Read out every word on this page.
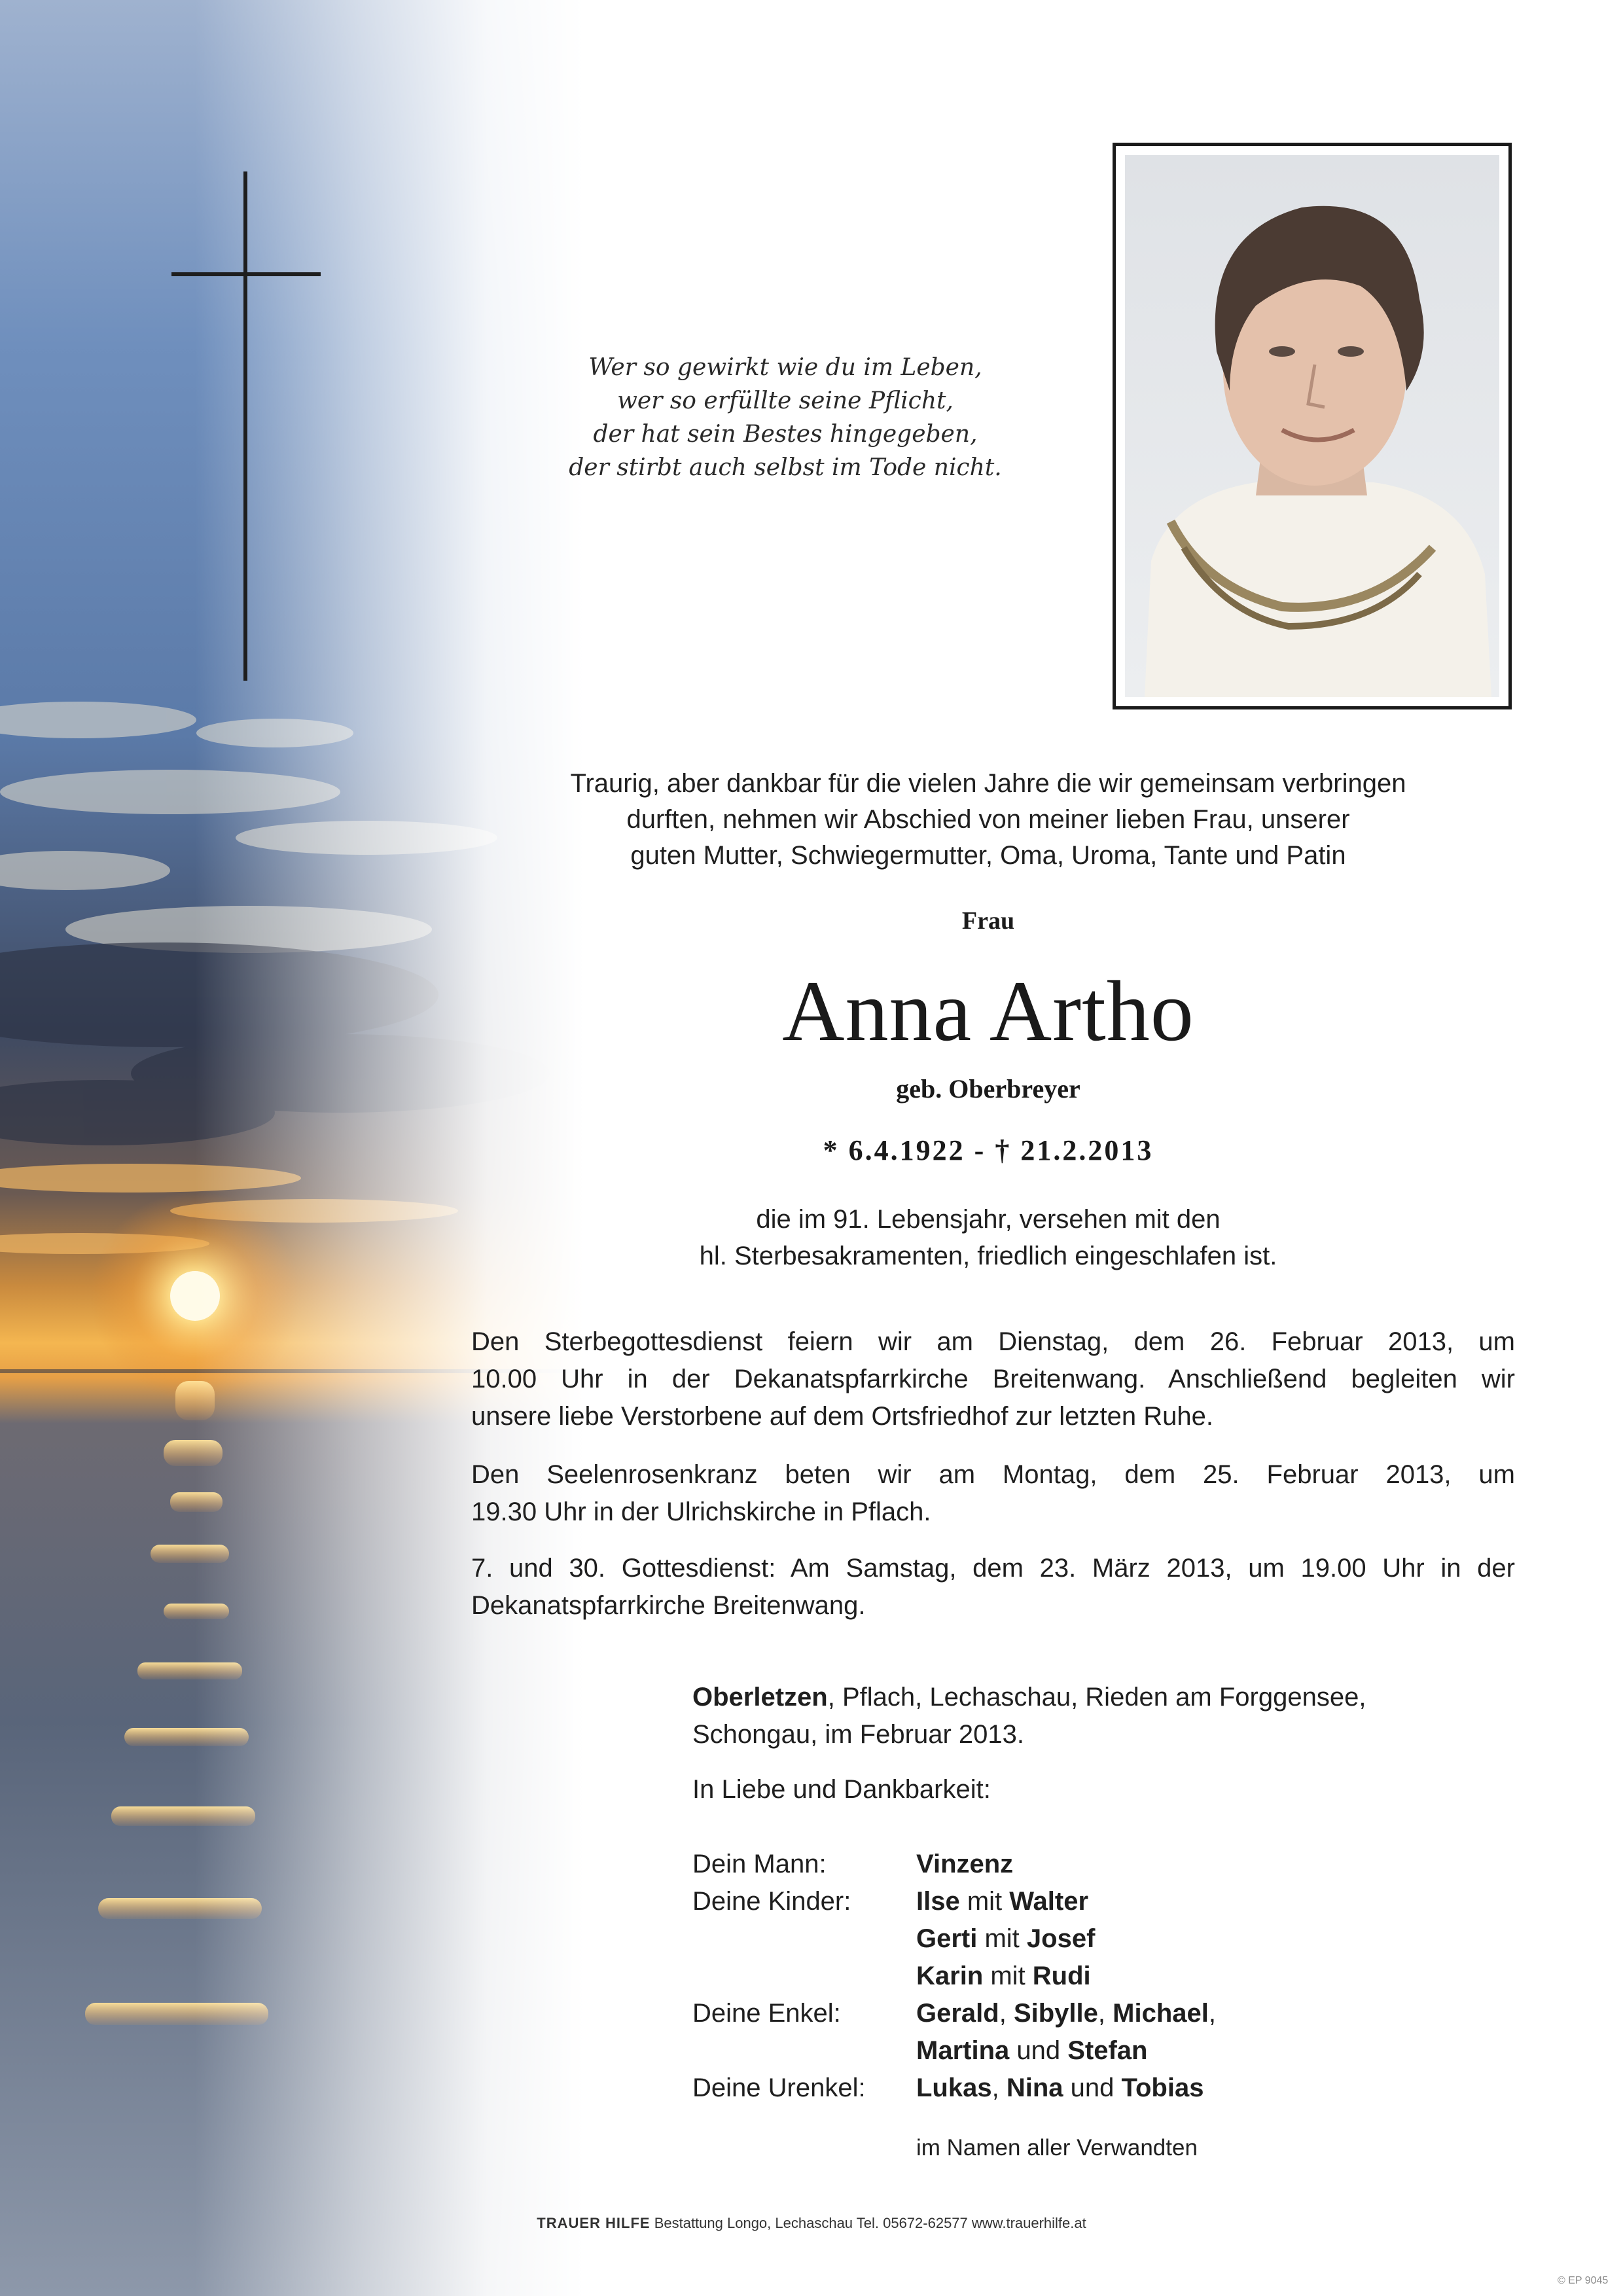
Wer so gewirkt wie du im Leben,
wer so erfüllte seine Pflicht,
der hat sein Bestes hingegeben,
der stirbt auch selbst im Tode nicht.
Traurig, aber dankbar für die vielen Jahre die wir gemeinsam verbringen
durften, nehmen wir Abschied von meiner lieben Frau, unserer
guten Mutter, Schwiegermutter, Oma, Uroma, Tante und Patin
Frau
Anna Artho
geb. Oberbreyer
* 6.4.1922 - † 21.2.2013
die im 91. Lebensjahr, versehen mit den
hl. Sterbesakramenten, friedlich eingeschlafen ist.
Den Sterbegottesdienst feiern wir am Dienstag, dem 26. Februar 2013, um
10.00 Uhr in der Dekanatspfarrkirche Breitenwang. Anschließend begleiten wir
unsere liebe Verstorbene auf dem Ortsfriedhof zur letzten Ruhe.
Den Seelenrosenkranz beten wir am Montag, dem 25. Februar 2013, um
19.30 Uhr in der Ulrichskirche in Pflach.
7. und 30. Gottesdienst: Am Samstag, dem 23. März 2013, um 19.00 Uhr in der
Dekanatspfarrkirche Breitenwang.
Oberletzen, Pflach, Lechaschau, Rieden am Forggensee,
Schongau, im Februar 2013.
In Liebe und Dankbarkeit:
Dein Mann:	Vinzenz
Deine Kinder:	Ilse mit Walter
Gerti mit Josef
Karin mit Rudi
Deine Enkel:	Gerald, Sibylle, Michael,
Martina und Stefan
Deine Urenkel:	Lukas, Nina und Tobias
im Namen aller Verwandten
TRAUER HILFE Bestattung Longo, Lechaschau Tel. 05672-62577 www.trauerhilfe.at
© EP 9045
